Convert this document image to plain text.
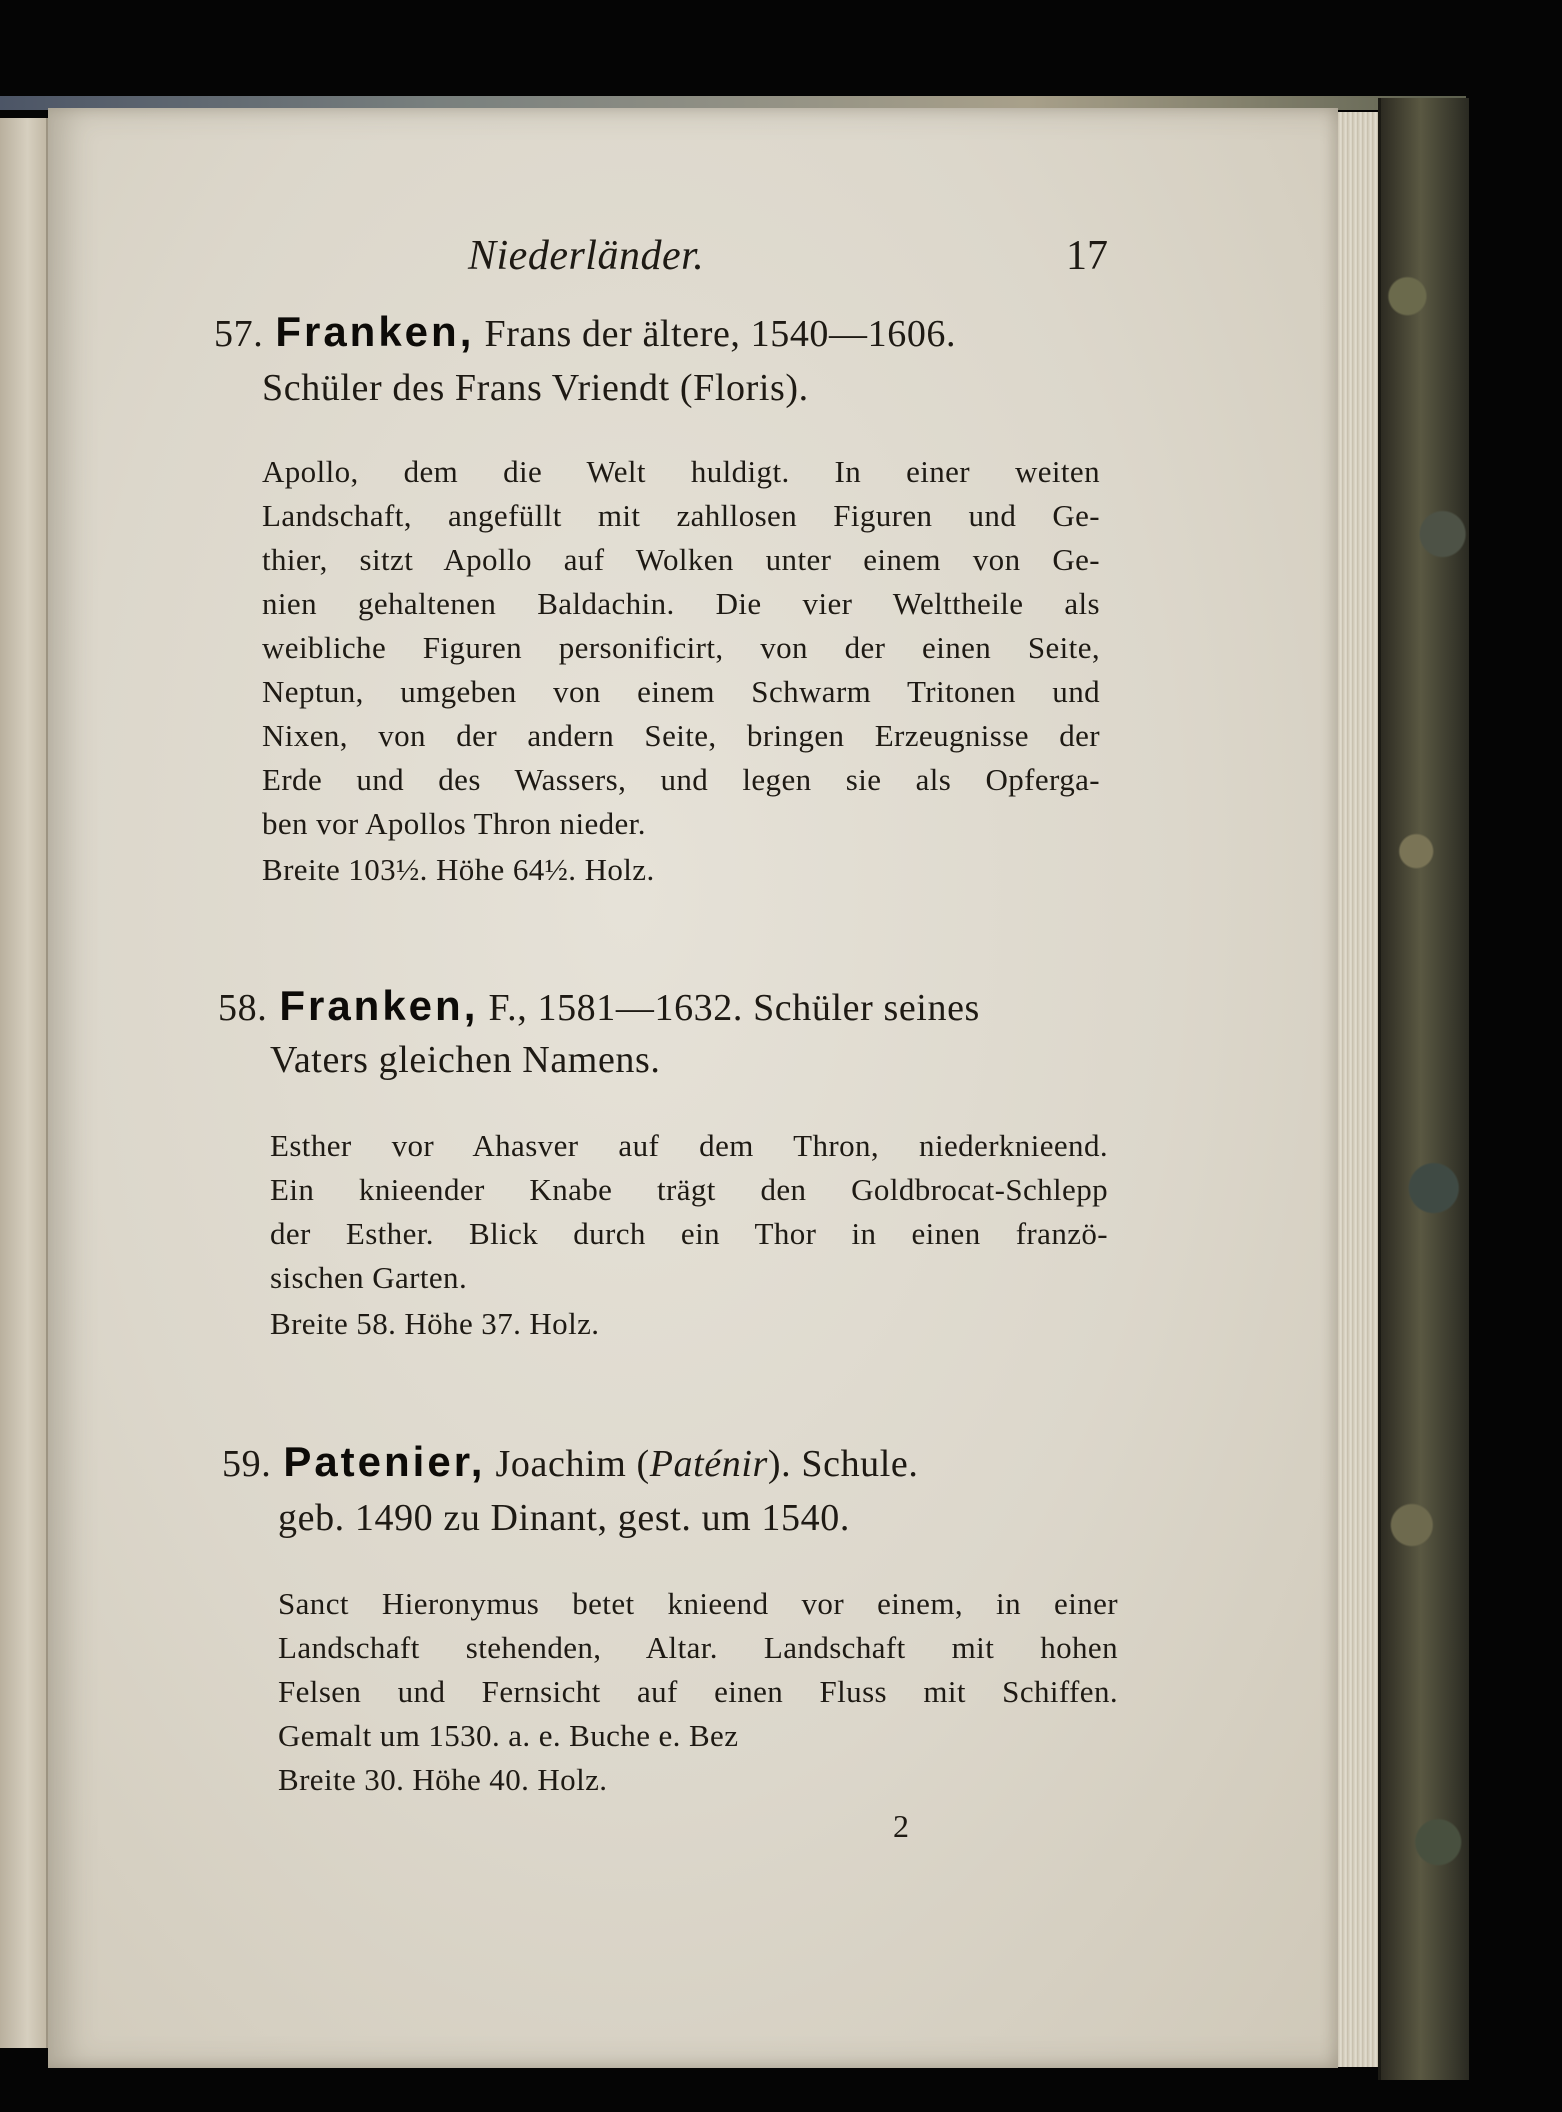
Niederländer.	17
57. Franken, Frans der ältere, 1540—1606.
Schüler des Frans Vriendt (Floris).
Apollo, dem die Welt huldigt. In einer weiten
Landschaft, angefüllt mit zahllosen Figuren und Ge-
thier, sitzt Apollo auf Wolken unter einem von Ge-
nien gehaltenen Baldachin. Die vier Welttheile als
weibliche Figuren personificirt, von der einen Seite,
Neptun, umgeben von einem Schwarm Tritonen und
Nixen, von der andern Seite, bringen Erzeugnisse der
Erde und des Wassers, und legen sie als Opferga-
ben vor Apollos Thron nieder.
Breite 103½. Höhe 64½. Holz.
58. Franken, F., 1581—1632. Schüler seines
Vaters gleichen Namens.
Esther vor Ahasver auf dem Thron, niederknieend.
Ein knieender Knabe trägt den Goldbrocat-Schlepp
der Esther. Blick durch ein Thor in einen franzö-
sischen Garten.
Breite 58. Höhe 37. Holz.
59. Patenier, Joachim (Paténir). Schule.
geb. 1490 zu Dinant, gest. um 1540.
Sanct Hieronymus betet knieend vor einem, in einer
Landschaft stehenden, Altar. Landschaft mit hohen
Felsen und Fernsicht auf einen Fluss mit Schiffen.
Gemalt um 1530. a. e. Buche e. Bez
Breite 30. Höhe 40. Holz.
2
